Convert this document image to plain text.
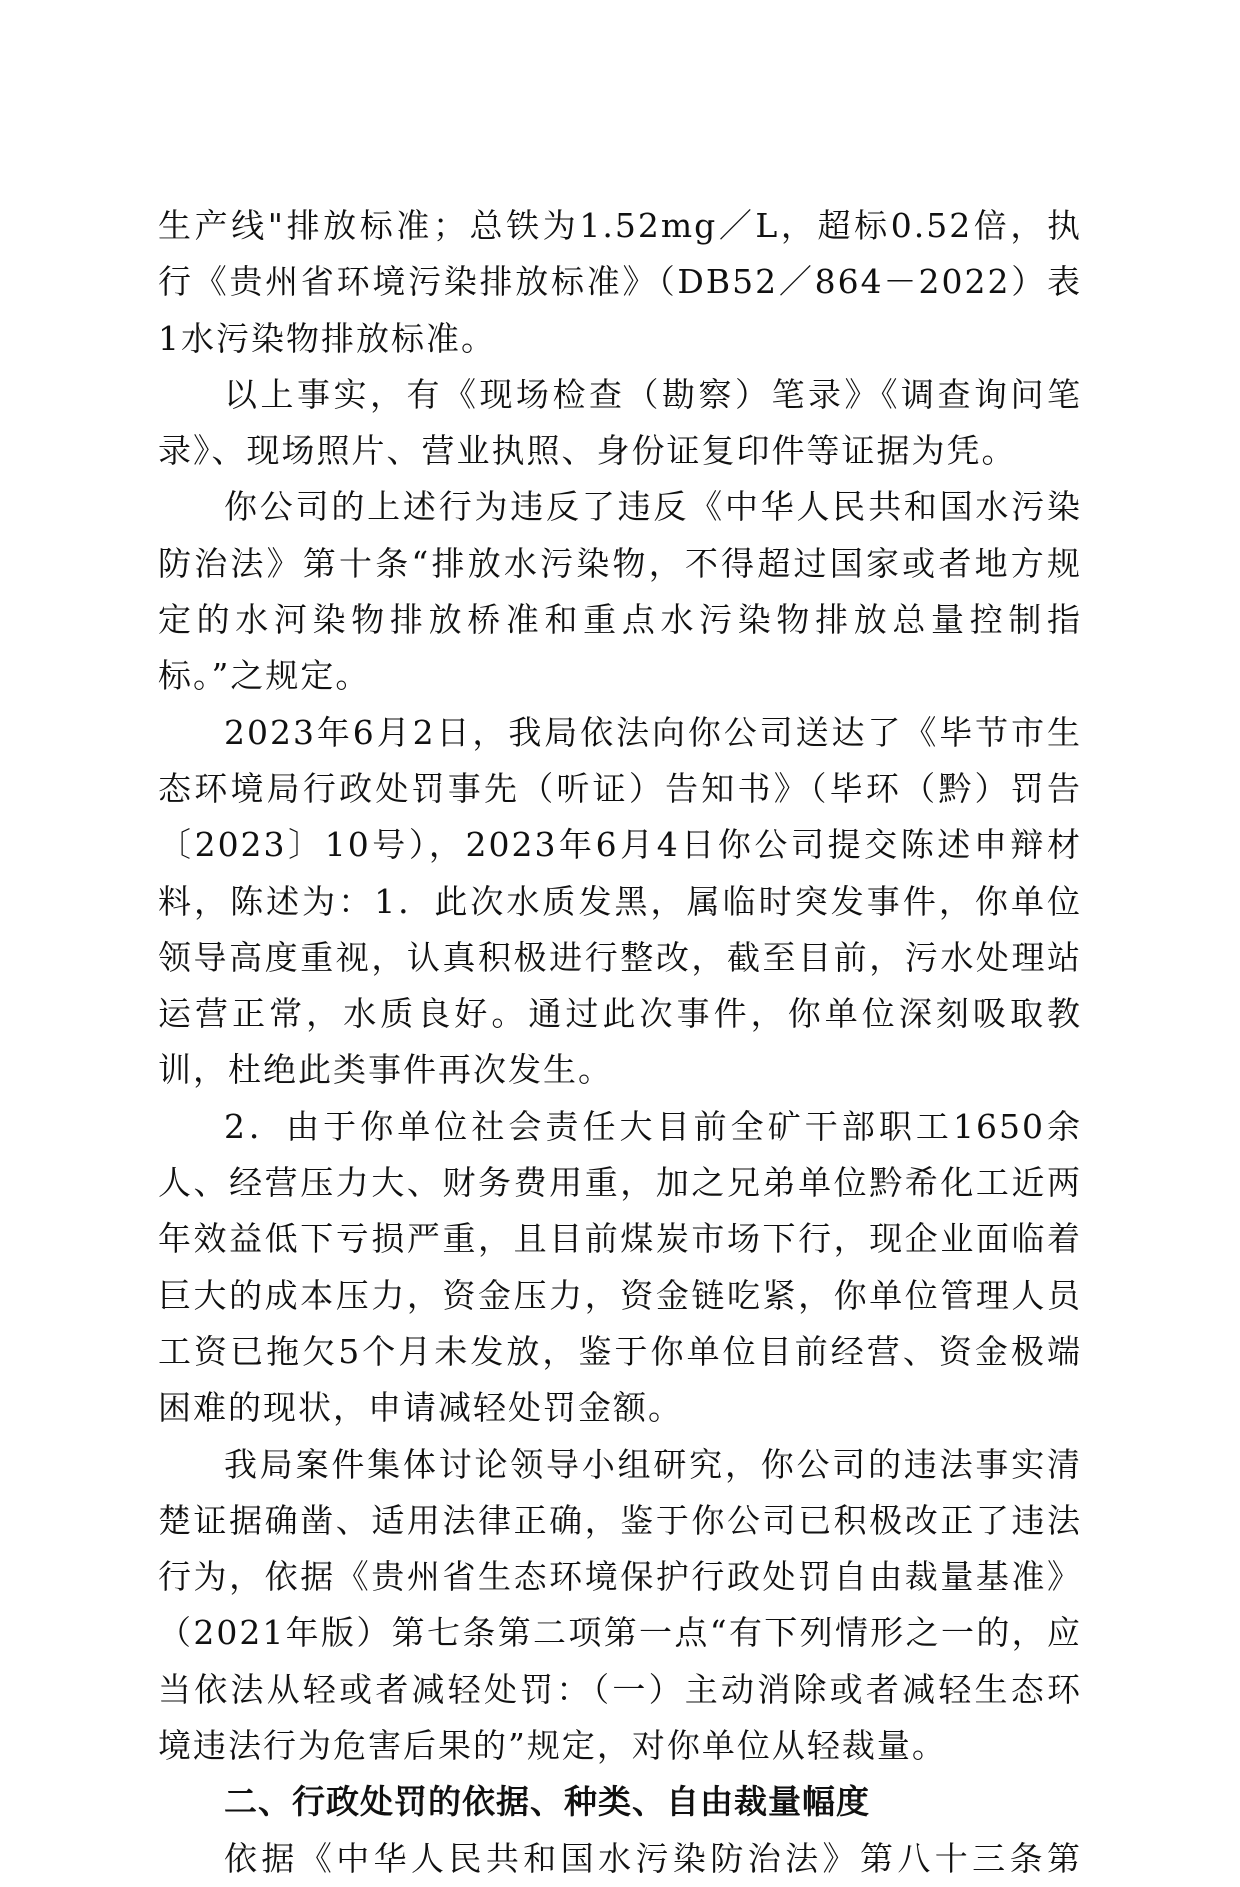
生产线"排放标准；总铁为1.52mg／L，超标0.52倍，执行《贵州省环境污染排放标准》（DB52／864－2022）表1水污染物排放标准。

以上事实，有《现场检查（勘察）笔录》《调查询问笔录》、现场照片、营业执照、身份证复印件等证据为凭。

你公司的上述行为违反了违反《中华人民共和国水污染防治法》第十条“排放水污染物，不得超过国家或者地方规定的水河染物排放桥准和重点水污染物排放总量控制指标。”之规定。

2023年6月2日，我局依法向你公司送达了《毕节市生态环境局行政处罚事先（听证）告知书》（毕环（黔）罚告〔2023〕10号），2023年6月4日你公司提交陈述申辩材料，陈述为：1．此次水质发黑，属临时突发事件，你单位领导高度重视，认真积极进行整改，截至目前，污水处理站运营正常，水质良好。通过此次事件，你单位深刻吸取教训，杜绝此类事件再次发生。

2．由于你单位社会责任大目前全矿干部职工1650余人、经营压力大、财务费用重，加之兄弟单位黔希化工近两年效益低下亏损严重，且目前煤炭市场下行，现企业面临着巨大的成本压力，资金压力，资金链吃紧，你单位管理人员工资已拖欠5个月未发放，鉴于你单位目前经营、资金极端困难的现状，申请减轻处罚金额。

我局案件集体讨论领导小组研究，你公司的违法事实清楚证据确凿、适用法律正确，鉴于你公司已积极改正了违法行为，依据《贵州省生态环境保护行政处罚自由裁量基准》（2021年版）第七条第二项第一点“有下列情形之一的，应当依法从轻或者减轻处罚：（一）主动消除或者减轻生态环境违法行为危害后果的”规定，对你单位从轻裁量。

二、行政处罚的依据、种类、自由裁量幅度

依据《中华人民共和国水污染防治法》第八十三条第
